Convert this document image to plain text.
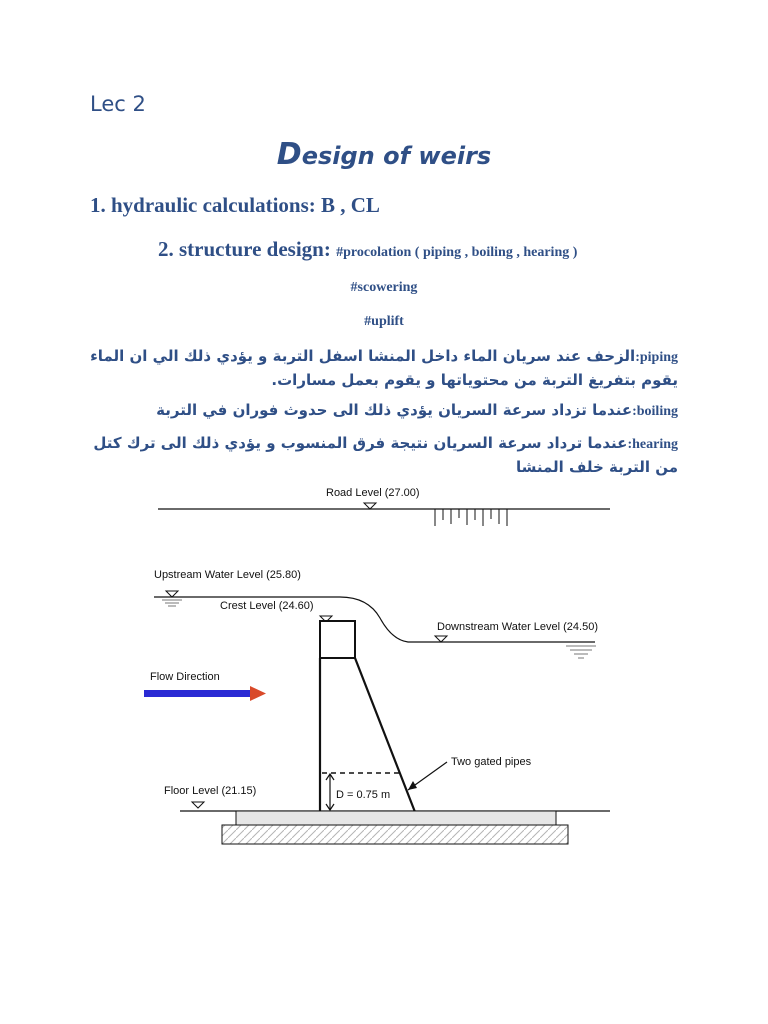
Lec 2
Design of weirs
1. hydraulic calculations: B , CL
2. structure design: #procolation ( piping , boiling , hearing )
#scowering
#uplift
piping:الزحف عند سريان الماء داخل المنشا اسفل التربة و يؤدي ذلك الي ان الماء يقوم بتفريغ التربة من محتوياتها و يقوم بعمل مسارات.
boiling:عندما تزداد سرعة السريان يؤدي ذلك الى حدوث فوران في التربة
hearing:عندما ترداد سرعة السريان نتيجة فرق المنسوب و يؤدي ذلك الى ترك كتل من التربة خلف المنشا
Road Level (27.00)
Upstream Water Level (25.80)
Crest Level (24.60)
Downstream Water Level (24.50)
Flow Direction
D = 0.75 m
Two gated pipes
Floor Level (21.15)
